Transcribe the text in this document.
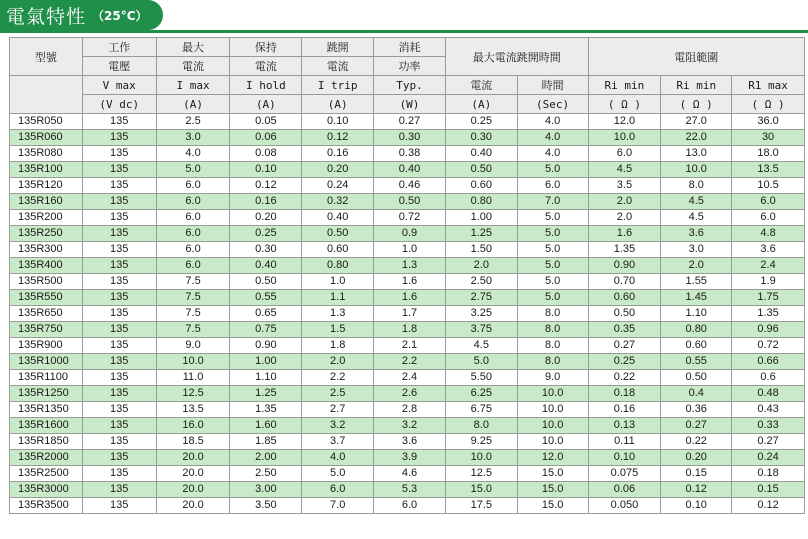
電氣特性 （25°C）
型號	工作	最大	保持	跳開	消耗	最大電流跳開時間		電阻範圍		
	電壓	電流	電流	電流	功率					
	V max	I max	I hold	I trip	Typ.	電流	時間	Ri min	Ri min	R1 max
	(V dc)	(A)	(A)	(A)	(W)	(A)	(Sec)	( Ω )	( Ω )	( Ω )
135R050	135	2.5	0.05	0.10	0.27	0.25	4.0	12.0	27.0	36.0
135R060	135	3.0	0.06	0.12	0.30	0.30	4.0	10.0	22.0	30
135R080	135	4.0	0.08	0.16	0.38	0.40	4.0	6.0	13.0	18.0
135R100	135	5.0	0.10	0.20	0.40	0.50	5.0	4.5	10.0	13.5
135R120	135	6.0	0.12	0.24	0.46	0.60	6.0	3.5	8.0	10.5
135R160	135	6.0	0.16	0.32	0.50	0.80	7.0	2.0	4.5	6.0
135R200	135	6.0	0.20	0.40	0.72	1.00	5.0	2.0	4.5	6.0
135R250	135	6.0	0.25	0.50	0.9	1.25	5.0	1.6	3.6	4.8
135R300	135	6.0	0.30	0.60	1.0	1.50	5.0	1.35	3.0	3.6
135R400	135	6.0	0.40	0.80	1.3	2.0	5.0	0.90	2.0	2.4
135R500	135	7.5	0.50	1.0	1.6	2.50	5.0	0.70	1.55	1.9
135R550	135	7.5	0.55	1.1	1.6	2.75	5.0	0.60	1.45	1.75
135R650	135	7.5	0.65	1.3	1.7	3.25	8.0	0.50	1.10	1.35
135R750	135	7.5	0.75	1.5	1.8	3.75	8.0	0.35	0.80	0.96
135R900	135	9.0	0.90	1.8	2.1	4.5	8.0	0.27	0.60	0.72
135R1000	135	10.0	1.00	2.0	2.2	5.0	8.0	0.25	0.55	0.66
135R1100	135	11.0	1.10	2.2	2.4	5.50	9.0	0.22	0.50	0.6
135R1250	135	12.5	1.25	2.5	2.6	6.25	10.0	0.18	0.4	0.48
135R1350	135	13.5	1.35	2.7	2.8	6.75	10.0	0.16	0.36	0.43
135R1600	135	16.0	1.60	3.2	3.2	8.0	10.0	0.13	0.27	0.33
135R1850	135	18.5	1.85	3.7	3.6	9.25	10.0	0.11	0.22	0.27
135R2000	135	20.0	2.00	4.0	3.9	10.0	12.0	0.10	0.20	0.24
135R2500	135	20.0	2.50	5.0	4.6	12.5	15.0	0.075	0.15	0.18
135R3000	135	20.0	3.00	6.0	5.3	15.0	15.0	0.06	0.12	0.15
135R3500	135	20.0	3.50	7.0	6.0	17.5	15.0	0.050	0.10	0.12
